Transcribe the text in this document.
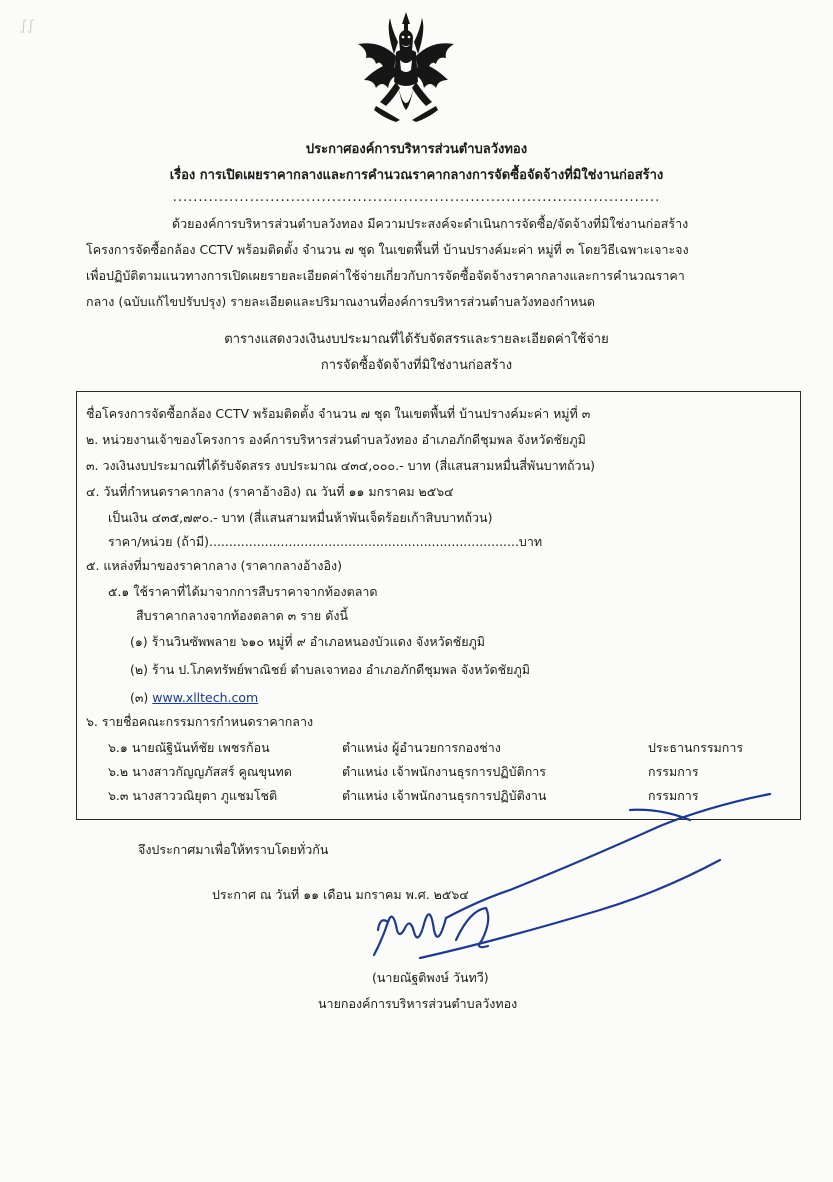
∫∫
ประกาศองค์การบริหารส่วนตำบลวังทอง
เรื่อง การเปิดเผยราคากลางและการคำนวณราคากลางการจัดซื้อจัดจ้างที่มิใช่งานก่อสร้าง
...............................................................................................
ด้วยองค์การบริหารส่วนตำบลวังทอง มีความประสงค์จะดำเนินการจัดซื้อ/จัดจ้างที่มิใช่งานก่อสร้าง
โครงการจัดซื้อกล้อง CCTV พร้อมติดตั้ง จำนวน ๗ ชุด ในเขตพื้นที่ บ้านปรางค์มะค่า หมู่ที่ ๓ โดยวิธีเฉพาะเจาะจง
เพื่อปฏิบัติตามแนวทางการเปิดเผยรายละเอียดค่าใช้จ่ายเกี่ยวกับการจัดซื้อจัดจ้างราคากลางและการคำนวณราคา
กลาง (ฉบับแก้ไขปรับปรุง) รายละเอียดและปริมาณงานที่องค์การบริหารส่วนตำบลวังทองกำหนด
ตารางแสดงวงเงินงบประมาณที่ได้รับจัดสรรและรายละเอียดค่าใช้จ่าย
การจัดซื้อจัดจ้างที่มิใช่งานก่อสร้าง
ชื่อโครงการจัดซื้อกล้อง CCTV พร้อมติดตั้ง จำนวน ๗ ชุด ในเขตพื้นที่ บ้านปรางค์มะค่า หมู่ที่ ๓
๒. หน่วยงานเจ้าของโครงการ องค์การบริหารส่วนตำบลวังทอง อำเภอภักดีชุมพล จังหวัดชัยภูมิ
๓. วงเงินงบประมาณที่ได้รับจัดสรร งบประมาณ ๔๓๔,๐๐๐.- บาท (สี่แสนสามหมื่นสี่พันบาทถ้วน)
๔. วันที่กำหนดราคากลาง (ราคาอ้างอิง) ณ วันที่ ๑๑ มกราคม ๒๕๖๔
เป็นเงิน ๔๓๕,๗๙๐.- บาท (สี่แสนสามหมื่นห้าพันเจ็ดร้อยเก้าสิบบาทถ้วน)
ราคา/หน่วย (ถ้ามี)..............................................................................บาท
๕. แหล่งที่มาของราคากลาง (ราคากลางอ้างอิง)
๕.๑ ใช้ราคาที่ได้มาจากการสืบราคาจากท้องตลาด
สืบราคากลางจากท้องตลาด ๓ ราย ดังนี้
(๑) ร้านวินซัพพลาย ๖๑๐ หมู่ที่ ๙ อำเภอหนองบัวแดง จังหวัดชัยภูมิ
(๒) ร้าน ป.โภคทรัพย์พาณิชย์ ตำบลเจาทอง อำเภอภักดีชุมพล จังหวัดชัยภูมิ
(๓) www.xlltech.com
๖. รายชื่อคณะกรรมการกำหนดราคากลาง
๖.๑ นายณัฐินันท์ชัย เพชรก้อน	ตำแหน่ง ผู้อำนวยการกองช่าง	ประธานกรรมการ
๖.๒ นางสาวกัญญภัสสร์ คูณขุนทด	ตำแหน่ง เจ้าพนักงานธุรการปฏิบัติการ	กรรมการ
๖.๓ นางสาววณิยุตา ภูแชมโชติ	ตำแหน่ง เจ้าพนักงานธุรการปฏิบัติงาน	กรรมการ
จึงประกาศมาเพื่อให้ทราบโดยทั่วกัน
ประกาศ ณ วันที่ ๑๑ เดือน มกราคม พ.ศ. ๒๕๖๔
(นายณัฐติพงษ์ วันทวี)
นายกองค์การบริหารส่วนตำบลวังทอง
